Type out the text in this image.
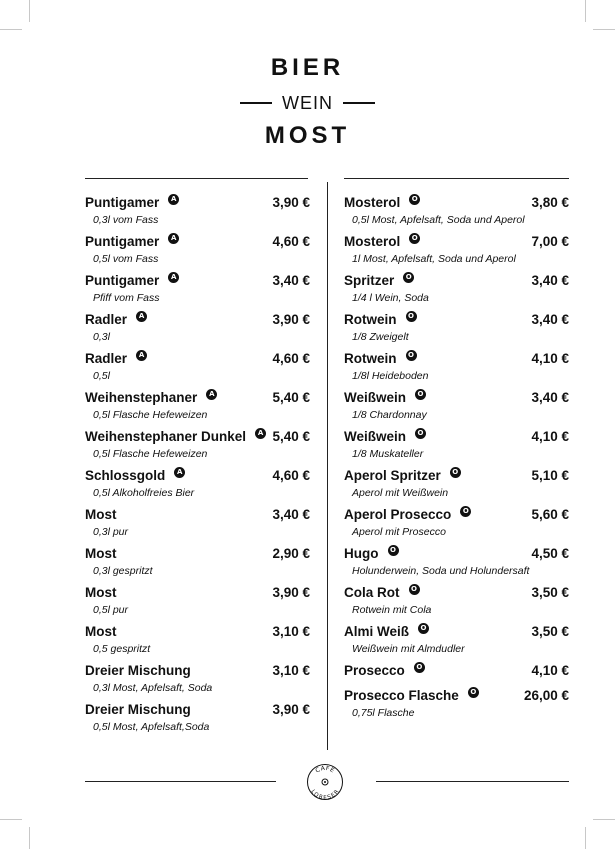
BIER
WEIN
MOST
Puntigamer	A	3,90 €
0,3l vom Fass
Puntigamer	A	4,60 €
0,5l vom Fass
Puntigamer	A	3,40 €
Pfiff vom Fass
Radler	A	3,90 €
0,3l
Radler	A	4,60 €
0,5l
Weihenstephaner	A	5,40 €
0,5l Flasche Hefeweizen
Weihenstephaner Dunkel	A 5,40 €
0,5l Flasche Hefeweizen
Schlossgold	A	4,60 €
0,5l Alkoholfreies Bier
Most	3,40 €
0,3l pur
Most	2,90 €
0,3l gespritzt
Most	3,90 €
0,5l pur
Most	3,10 €
0,5 gespritzt
Dreier Mischung	3,10 €
0,3l Most, Apfelsaft, Soda
Dreier Mischung	3,90 €
0,5l Most, Apfelsaft,Soda
Mosterol	O	3,80 €
0,5l Most, Apfelsaft, Soda und Aperol
Mosterol	O	7,00 €
1l Most, Apfelsaft, Soda und Aperol
Spritzer	O	3,40 €
1/4 l Wein, Soda
Rotwein	O	3,40 €
1/8 Zweigelt
Rotwein	O	4,10 €
1/8l Heideboden
Weißwein	O	3,40 €
1/8 Chardonnay
Weißwein	O	4,10 €
1/8 Muskateller
Aperol Spritzer	O	5,10 €
Aperol mit Weißwein
Aperol Prosecco	O	5,60 €
Aperol mit Prosecco
Hugo	O	4,50 €
Holunderwein, Soda und Holundersaft
Cola Rot	O	3,50 €
Rotwein mit Cola
Almi Weiß	O	3,50 €
Weißwein mit Almdudler
Prosecco	O	4,10 €
Prosecco Flasche	O	26,00 €
0,75l Flasche
CAFE
LOBESER
